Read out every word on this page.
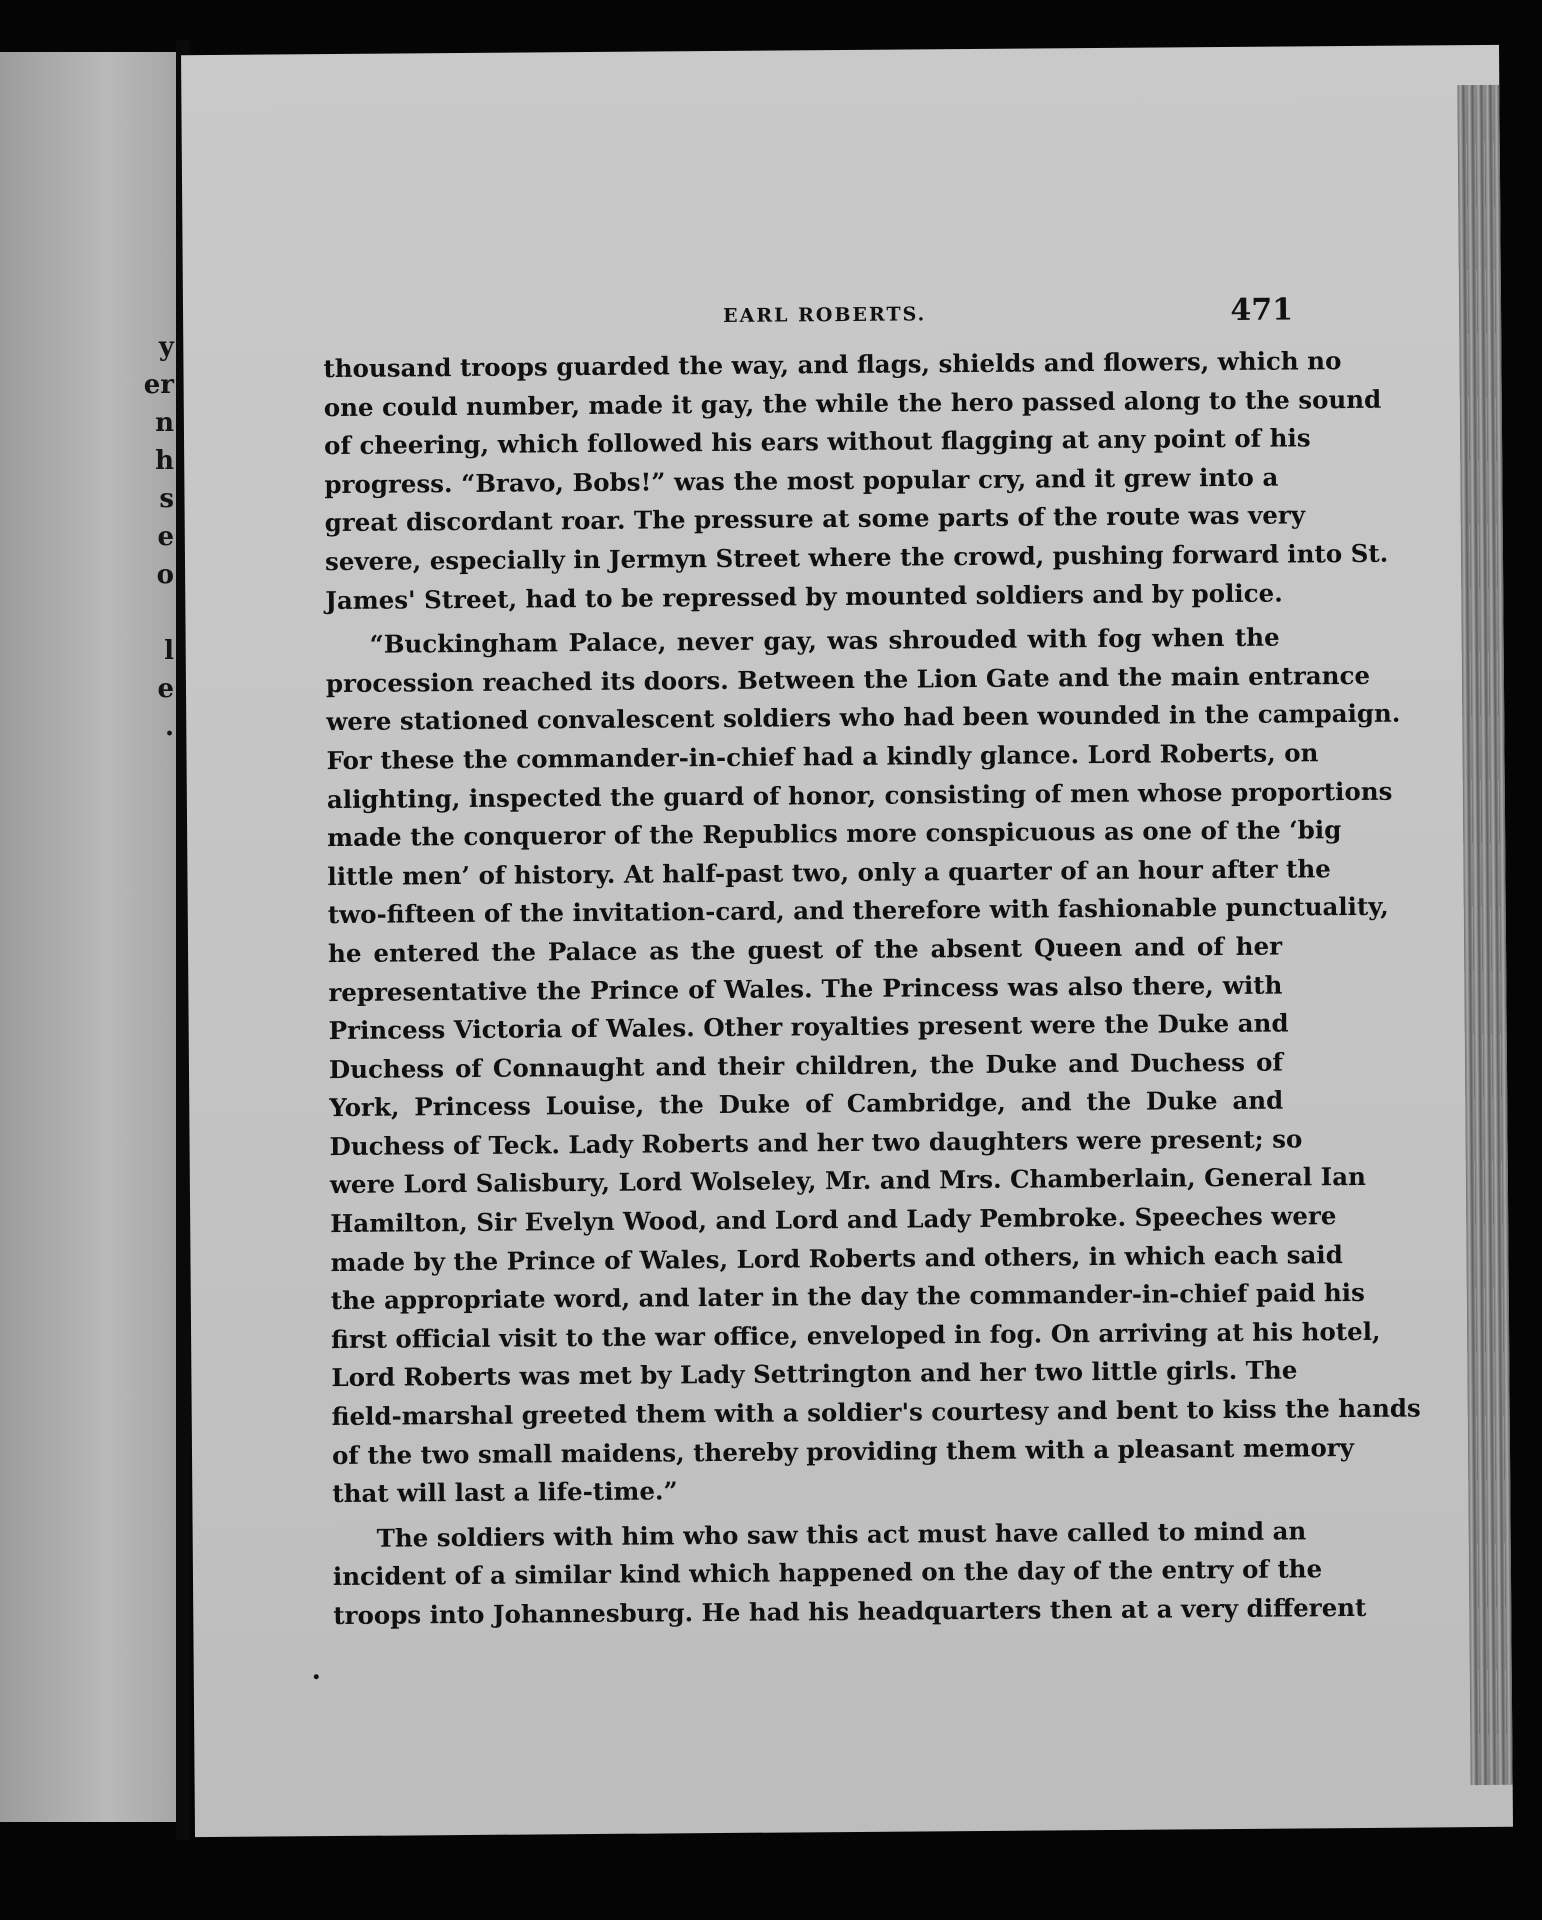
y
er
n
h
s
e
o
l
e
.
EARL ROBERTS.	471
thousand troops guarded the way, and flags, shields and flowers, which no
one could number, made it gay, the while the hero passed along to the sound
of cheering, which followed his ears without flagging at any point of his
progress. “Bravo, Bobs!” was the most popular cry, and it grew into a
great discordant roar. The pressure at some parts of the route was very
severe, especially in Jermyn Street where the crowd, pushing forward into St.
James' Street, had to be repressed by mounted soldiers and by police.
“Buckingham Palace, never gay, was shrouded with fog when the
procession reached its doors. Between the Lion Gate and the main entrance
were stationed convalescent soldiers who had been wounded in the campaign.
For these the commander-in-chief had a kindly glance. Lord Roberts, on
alighting, inspected the guard of honor, consisting of men whose proportions
made the conqueror of the Republics more conspicuous as one of the ‘big
little men’ of history. At half-past two, only a quarter of an hour after the
two-fifteen of the invitation-card, and therefore with fashionable punctuality,
he entered the Palace as the guest of the absent Queen and of her
representative the Prince of Wales. The Princess was also there, with
Princess Victoria of Wales. Other royalties present were the Duke and
Duchess of Connaught and their children, the Duke and Duchess of
York, Princess Louise, the Duke of Cambridge, and the Duke and
Duchess of Teck. Lady Roberts and her two daughters were present; so
were Lord Salisbury, Lord Wolseley, Mr. and Mrs. Chamberlain, General Ian
Hamilton, Sir Evelyn Wood, and Lord and Lady Pembroke. Speeches were
made by the Prince of Wales, Lord Roberts and others, in which each said
the appropriate word, and later in the day the commander-in-chief paid his
first official visit to the war office, enveloped in fog. On arriving at his hotel,
Lord Roberts was met by Lady Settrington and her two little girls. The
field-marshal greeted them with a soldier's courtesy and bent to kiss the hands
of the two small maidens, thereby providing them with a pleasant memory
that will last a life-time.”
The soldiers with him who saw this act must have called to mind an
incident of a similar kind which happened on the day of the entry of the
troops into Johannesburg. He had his headquarters then at a very different
